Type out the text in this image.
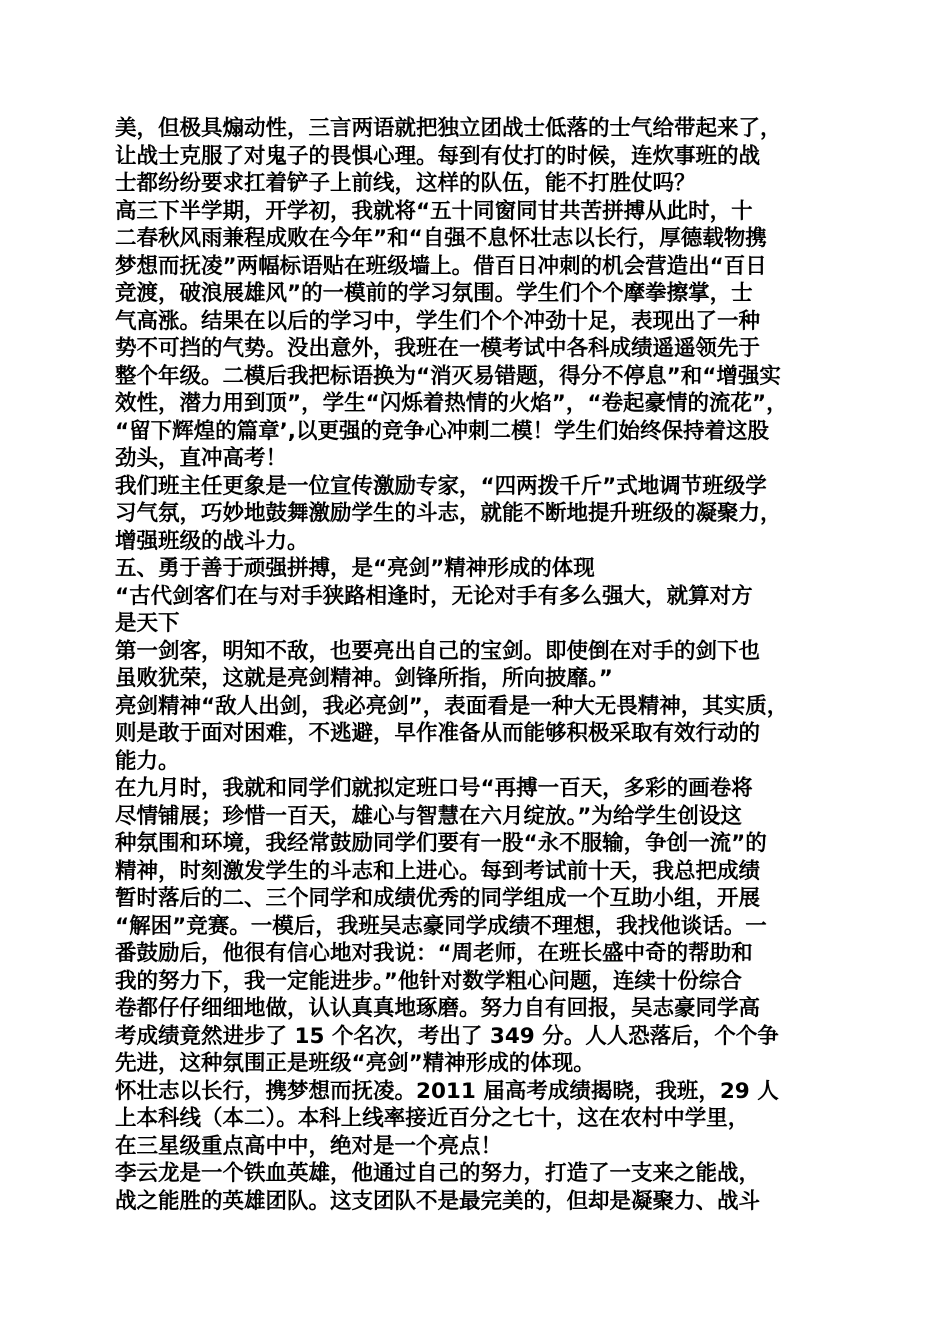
美，但极具煽动性，三言两语就把独立团战士低落的士气给带起来了，
让战士克服了对鬼子的畏惧心理。每到有仗打的时候，连炊事班的战
士都纷纷要求扛着铲子上前线，这样的队伍，能不打胜仗吗？
高三下半学期，开学初，我就将“五十同窗同甘共苦拼搏从此时，十
二春秋风雨兼程成败在今年”和“自强不息怀壮志以长行，厚德载物携
梦想而抚凌”两幅标语贴在班级墙上。借百日冲刺的机会营造出“百日
竞渡，破浪展雄风”的一模前的学习氛围。学生们个个摩拳擦掌，士
气高涨。结果在以后的学习中，学生们个个冲劲十足，表现出了一种
势不可挡的气势。没出意外，我班在一模考试中各科成绩遥遥领先于
整个年级。二模后我把标语换为“消灭易错题，得分不停息”和“增强实
效性，潜力用到顶”，学生“闪烁着热情的火焰”，“卷起豪情的流花”，
“留下辉煌的篇章’,以更强的竞争心冲刺二模！学生们始终保持着这股
劲头，直冲高考！
我们班主任更象是一位宣传激励专家，“四两拨千斤”式地调节班级学
习气氛，巧妙地鼓舞激励学生的斗志，就能不断地提升班级的凝聚力，
增强班级的战斗力。
五、勇于善于顽强拼搏，是“亮剑”精神形成的体现
“古代剑客们在与对手狭路相逢时，无论对手有多么强大，就算对方
是天下
第一剑客，明知不敌，也要亮出自己的宝剑。即使倒在对手的剑下也
虽败犹荣，这就是亮剑精神。剑锋所指，所向披靡。”
亮剑精神“敌人出剑，我必亮剑”，表面看是一种大无畏精神，其实质，
则是敢于面对困难，不逃避，早作准备从而能够积极采取有效行动的
能力。
在九月时，我就和同学们就拟定班口号“再搏一百天，多彩的画卷将
尽情铺展；珍惜一百天，雄心与智慧在六月绽放。”为给学生创设这
种氛围和环境，我经常鼓励同学们要有一股“永不服输，争创一流”的
精神，时刻激发学生的斗志和上进心。每到考试前十天，我总把成绩
暂时落后的二、三个同学和成绩优秀的同学组成一个互助小组，开展
“解困”竞赛。一模后，我班吴志豪同学成绩不理想，我找他谈话。一
番鼓励后，他很有信心地对我说：“周老师，在班长盛中奇的帮助和
我的努力下，我一定能进步。”他针对数学粗心问题，连续十份综合
卷都仔仔细细地做，认认真真地琢磨。努力自有回报，吴志豪同学高
考成绩竟然进步了 15 个名次，考出了 349 分。人人恐落后，个个争
先进，这种氛围正是班级“亮剑”精神形成的体现。
怀壮志以长行，携梦想而抚凌。2011 届高考成绩揭晓，我班，29 人
上本科线（本二）。本科上线率接近百分之七十，这在农村中学里，
在三星级重点高中中，绝对是一个亮点！
李云龙是一个铁血英雄，他通过自己的努力，打造了一支来之能战，
战之能胜的英雄团队。这支团队不是最完美的，但却是凝聚力、战斗
